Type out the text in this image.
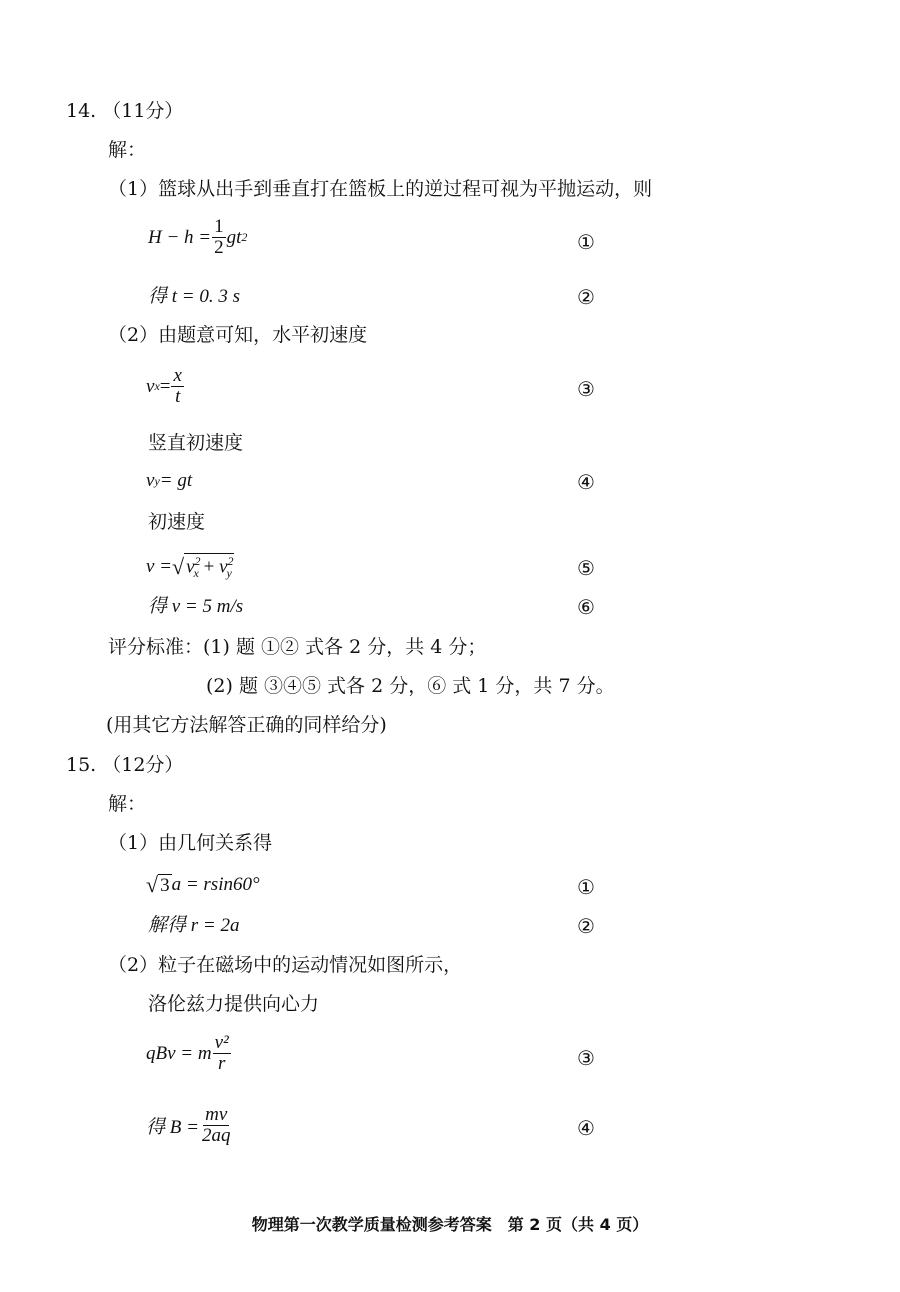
14. （11分）
解：
（1）篮球从出手到垂直打在篮板上的逆过程可视为平抛运动，则
$H - h = \frac{1}{2}$ gt 2	①
得 t = 0. 3 s	②
（2）由题意可知，水平初速度
v $x = \frac{x}{t}$	③
竖直初速度
v y = gt	④
初速度
v = √ $v^2_x + v^2_y$	⑤
得 v = 5 m/s	⑥
评分标准：(1) 题 ①② 式各 2 分，共 4 分；
(2) 题 ③④⑤ 式各 2 分，⑥ 式 1 分，共 7 分。
(用其它方法解答正确的同样给分)
15. （12分）
解：
（1）由几何关系得
√ 3 a = rsin60°	①
解得 r = 2a	②
（2）粒子在磁场中的运动情况如图所示，
洛伦兹力提供向心力
qBv = m $\frac{\text{v²}}{r}$	③
得 $B = \frac{mv}{2aq}$	④
物理第一次教学质量检测参考答案　第 2 页（共 4 页）
